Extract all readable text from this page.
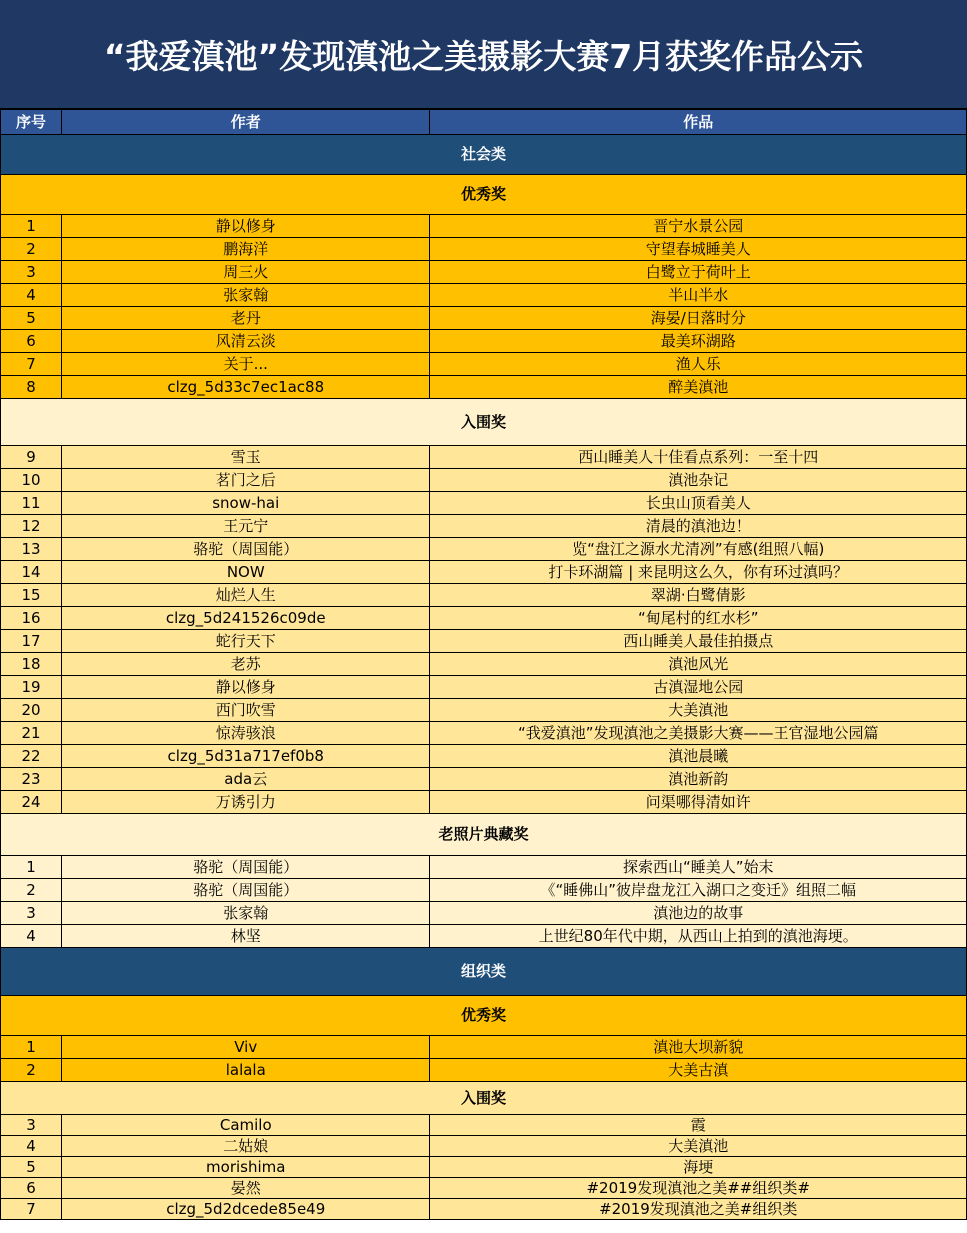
“我爱滇池”发现滇池之美摄影大赛7月获奖作品公示
序号	作者	作品
社会类		
优秀奖		
1	静以修身	晋宁水景公园
2	鹏海洋	守望春城睡美人
3	周三火	白鹭立于荷叶上
4	张家翰	半山半水
5	老丹	海晏/日落时分
6	风清云淡	最美环湖路
7	关于...	渔人乐
8	clzg_5d33c7ec1ac88	醉美滇池
入围奖		
9	雪玉	西山睡美人十佳看点系列：一至十四
10	茗门之后	滇池杂记
11	snow-hai	长虫山顶看美人
12	王元宁	清晨的滇池边！
13	骆驼（周国能）	览“盘江之源水尤清冽”有感(组照八幅)
14	NOW	打卡环湖篇 | 来昆明这么久，你有环过滇吗？
15	灿烂人生	翠湖·白鹭倩影
16	clzg_5d241526c09de	“甸尾村的红水杉”
17	蛇行天下	西山睡美人最佳拍摄点
18	老苏	滇池风光
19	静以修身	古滇湿地公园
20	西门吹雪	大美滇池
21	惊涛骇浪	“我爱滇池”发现滇池之美摄影大赛——王官湿地公园篇
22	clzg_5d31a717ef0b8	滇池晨曦
23	ada云	滇池新韵
24	万诱引力	问渠哪得清如许
老照片典藏奖		
1	骆驼（周国能）	探索西山“睡美人”始末
2	骆驼（周国能）	《“睡佛山”彼岸盘龙江入湖口之变迁》组照二幅
3	张家翰	滇池边的故事
4	林坚	上世纪80年代中期，从西山上拍到的滇池海埂。
组织类		
优秀奖		
1	Viv	滇池大坝新貌
2	lalala	大美古滇
入围奖		
3	Camilo	霞
4	二姑娘	大美滇池
5	morishima	海埂
6	晏然	#2019发现滇池之美##组织类#
7	clzg_5d2dcede85e49	#2019发现滇池之美#组织类
